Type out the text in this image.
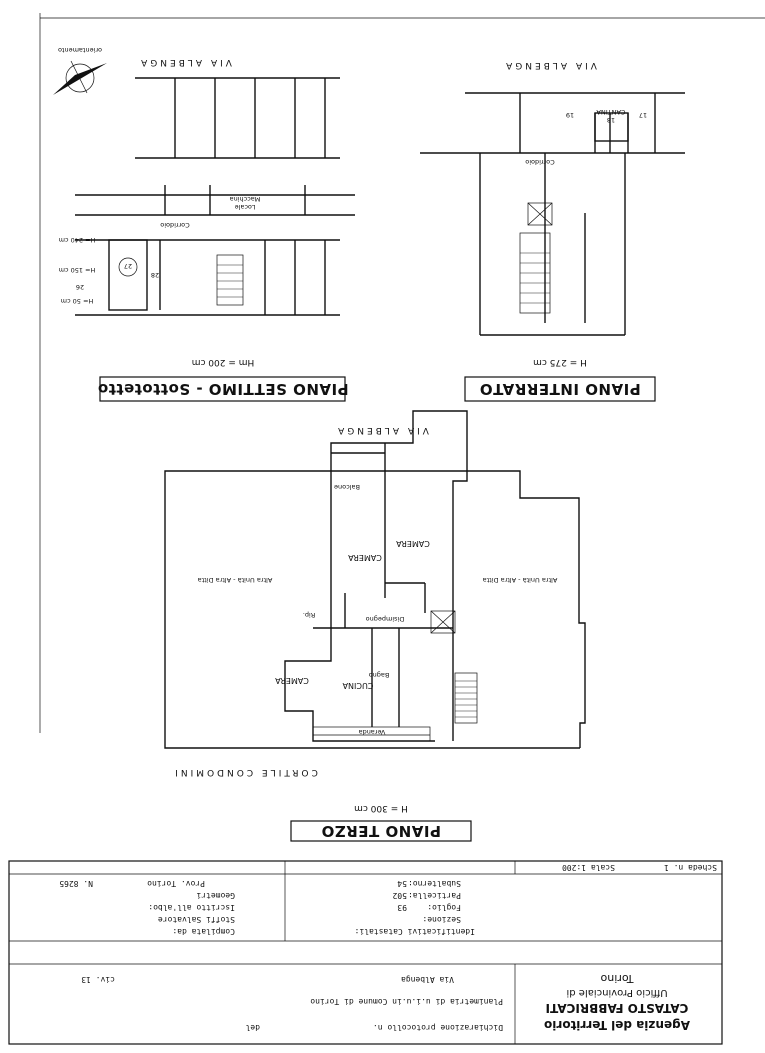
Agenzia del Territorio
CATASTO FABBRICATI
Ufficio Provinciale di
Torino
Dichiarazione protocollo n.
del
Planimetria di u.i.u.in Comune di Torino
Via Albenga
civ. 13
Identificativi Catastali:
Sezione:
Foglio:
93
Particella:
502
Subalterno:
54
Compilata da:
Stoffi Salvatore
Iscritto all'albo:
Geometri
Prov. Torino
N. 8265
Scheda n. 1
Scala 1:200
PIANO TERZO
H = 300 cm
CORTILE CONDOMINI
CUCINA
Bagno
CAMERA
Disimpegno
Rip.
CAMERA
CAMERA
Balcone
Veranda
Altra Unità - Altra Ditta
Altra Unità - Altra Ditta
VIA ALBENGA
PIANO INTERRATO
H = 275 cm
Corridoio
18
CANTINA 17
19
VIA ALBENGA
PIANO SETTIMO - Sottotetto
Hm = 200 cm
Corridoio
Locale
Macchina
28
27
26
H= 50 cm
H= 150 cm
H= 240 cm
orientamento
VIA ALBENGA
